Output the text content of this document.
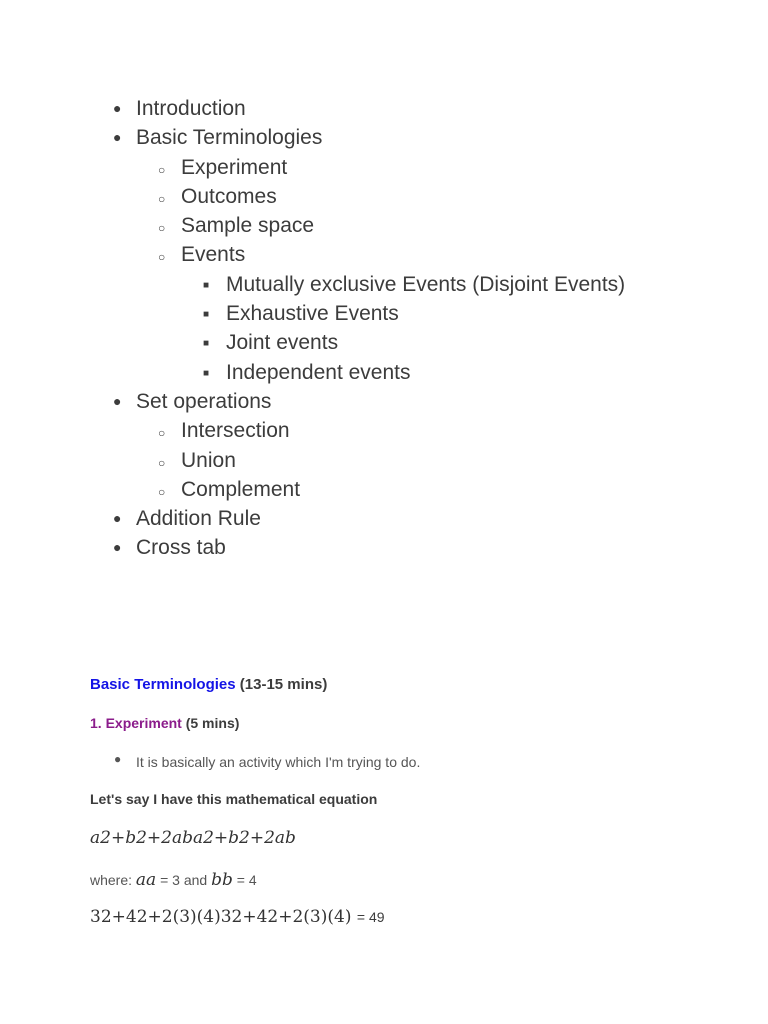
● Introduction
● Basic Terminologies
○ Experiment
○ Outcomes
○ Sample space
○ Events
■ Mutually exclusive Events (Disjoint Events)
■ Exhaustive Events
■ Joint events
■ Independent events
● Set operations
○ Intersection
○ Union
○ Complement
● Addition Rule
● Cross tab
Basic Terminologies (13-15 mins)
1. Experiment (5 mins)
● It is basically an activity which I'm trying to do.
Let's say I have this mathematical equation
a2+b2+2aba2+b2+2ab
where: aa = 3 and bb = 4
32+42+2(3)(4)32+42+2(3)(4) = 49
